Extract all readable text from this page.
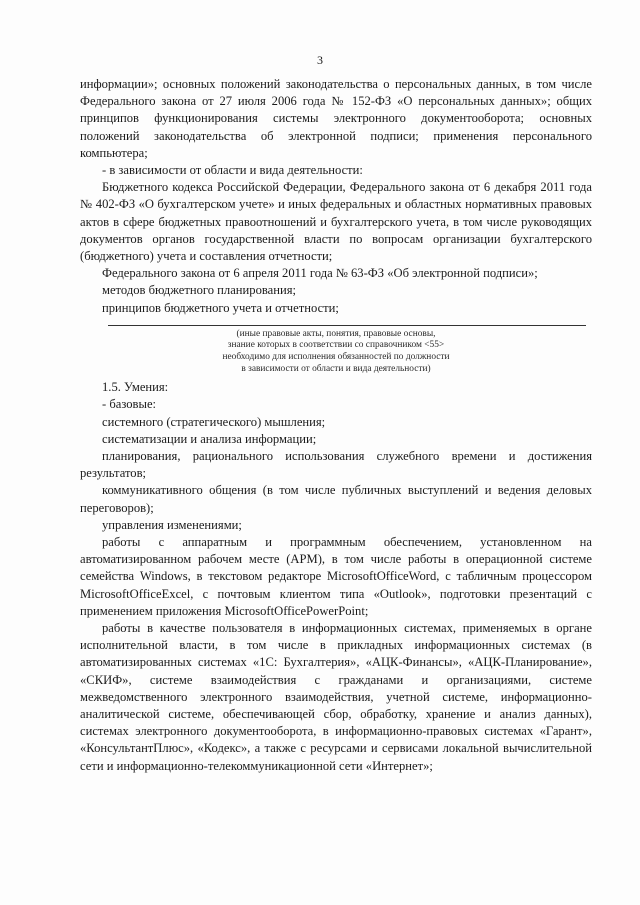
3

информации»; основных положений законодательства о персональных данных, в том числе Федерального закона от 27 июля 2006 года № 152-ФЗ «О персональных данных»; общих принципов функционирования системы электронного документооборота; основных положений законодательства об электронной подписи; применения персонального компьютера;

- в зависимости от области и вида деятельности:

Бюджетного кодекса Российской Федерации, Федерального закона от 6 декабря 2011 года № 402-ФЗ «О бухгалтерском учете» и иных федеральных и областных нормативных правовых актов в сфере бюджетных правоотношений и бухгалтерского учета, в том числе руководящих документов органов государственной власти по вопросам организации бухгалтерского (бюджетного) учета и составления отчетности;

Федерального закона от 6 апреля 2011 года № 63-ФЗ «Об электронной подписи»;

методов бюджетного планирования;

принципов бюджетного учета и отчетности;

(иные правовые акты, понятия, правовые основы,
знание которых в соответствии со справочником <55>
необходимо для исполнения обязанностей по должности
в зависимости от области и вида деятельности)

1.5. Умения:

- базовые:

системного (стратегического) мышления;

систематизации и анализа информации;

планирования, рационального использования служебного времени и достижения результатов;

коммуникативного общения (в том числе публичных выступлений и ведения деловых переговоров);

управления изменениями;

работы с аппаратным и программным обеспечением, установленном на автоматизированном рабочем месте (АРМ), в том числе работы в операционной системе семейства Windows, в текстовом редакторе MicrosoftOfficeWord, с табличным процессором MicrosoftOfficeExcel, с почтовым клиентом типа «Outlook», подготовки презентаций с применением приложения MicrosoftOfficePowerPoint;

работы в качестве пользователя в информационных системах, применяемых в органе исполнительной власти, в том числе в прикладных информационных системах (в автоматизированных системах «1С: Бухгалтерия», «АЦК-Финансы», «АЦК-Планирование», «СКИФ», системе взаимодействия с гражданами и организациями, системе межведомственного электронного взаимодействия, учетной системе, информационно-аналитической системе, обеспечивающей сбор, обработку, хранение и анализ данных), системах электронного документооборота, в информационно-правовых системах «Гарант», «КонсультантПлюс», «Кодекс», а также с ресурсами и сервисами локальной вычислительной сети и информационно-телекоммуникационной сети «Интернет»;
